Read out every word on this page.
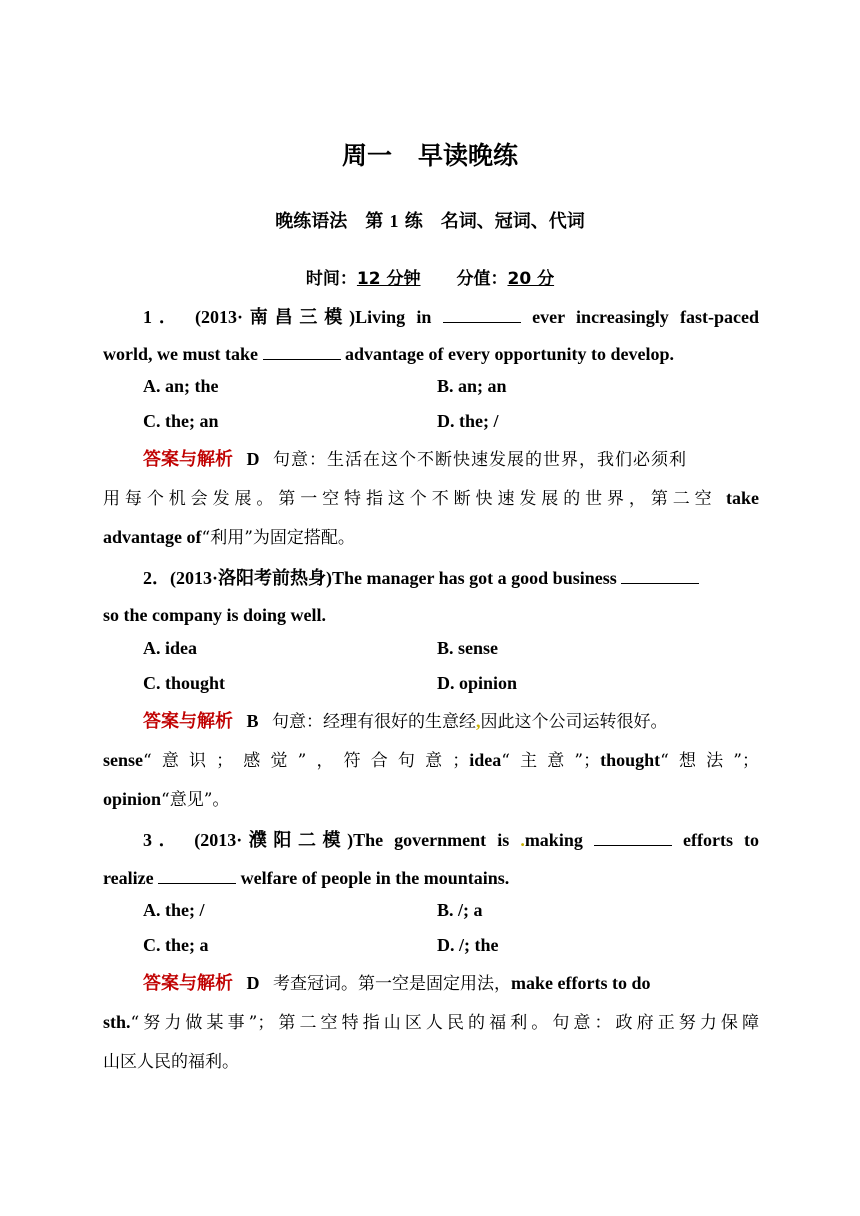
周一 早读晚练
晚练语法 第 1 练 名词、冠词、代词
时间：12 分钟 分值：20 分
1． (2013·南昌三模)Living in	ever increasingly fast-paced
world, we must take	advantage of every opportunity to develop.
A. an; the	B. an; an
C. the; an	D. the; /
答案与解析 D 句意：生活在这个不断快速发展的世界，我们必须利
用每个机会发展。第一空特指这个不断快速发展的世界，第二空 take
advantage of“利用”为固定搭配。
2．(2013·洛阳考前热身)The manager has got a good business
so the company is doing well.
A. idea	B. sense
C. thought	D. opinion
答案与解析 B 句意：经理有很好的生意经,因此这个公司运转很好。
sense“意识；感觉”，符合句意；idea“主意”；thought“想法”；
opinion“意见”。
3． (2013·濮阳二模)The government is .making	efforts to
realize	welfare of people in the mountains.
A. the; /	B. /; a
C. the; a	D. /; the
答案与解析 D 考查冠词。第一空是固定用法，make efforts to do
sth.“努力做某事”；第二空特指山区人民的福利。句意：政府正努力保障
山区人民的福利。
